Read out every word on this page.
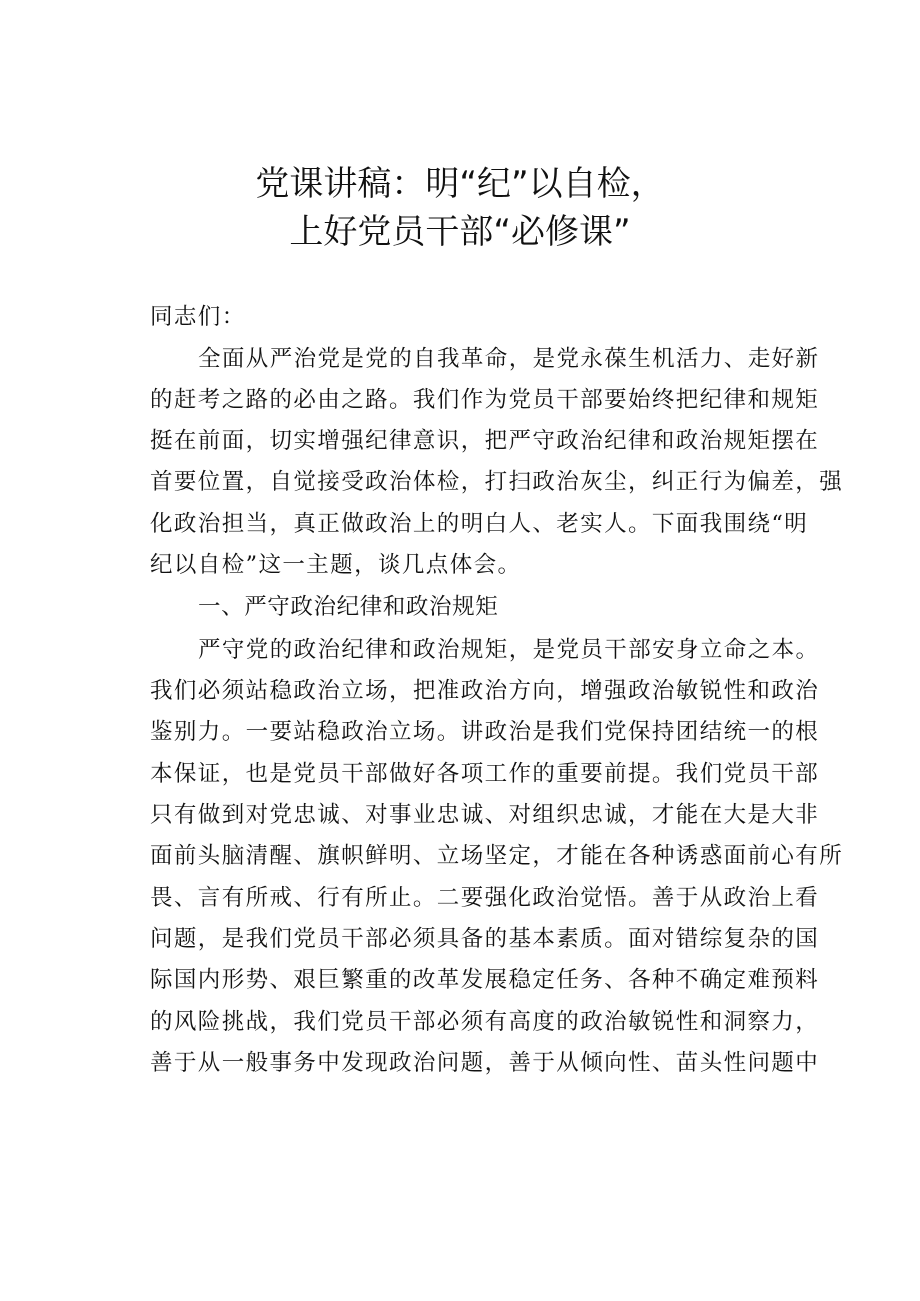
党课讲稿：明“纪”以自检，
上好党员干部“必修课”

同志们：

全面从严治党是党的自我革命，是党永葆生机活力、走好新

的赶考之路的必由之路。我们作为党员干部要始终把纪律和规矩

挺在前面，切实增强纪律意识，把严守政治纪律和政治规矩摆在

首要位置，自觉接受政治体检，打扫政治灰尘，纠正行为偏差，强

化政治担当，真正做政治上的明白人、老实人。下面我围绕“明

纪以自检”这一主题，谈几点体会。

一、严守政治纪律和政治规矩

严守党的政治纪律和政治规矩，是党员干部安身立命之本。

我们必须站稳政治立场，把准政治方向，增强政治敏锐性和政治

鉴别力。一要站稳政治立场。讲政治是我们党保持团结统一的根

本保证，也是党员干部做好各项工作的重要前提。我们党员干部

只有做到对党忠诚、对事业忠诚、对组织忠诚，才能在大是大非

面前头脑清醒、旗帜鲜明、立场坚定，才能在各种诱惑面前心有所

畏、言有所戒、行有所止。二要强化政治觉悟。善于从政治上看

问题，是我们党员干部必须具备的基本素质。面对错综复杂的国

际国内形势、艰巨繁重的改革发展稳定任务、各种不确定难预料

的风险挑战，我们党员干部必须有高度的政治敏锐性和洞察力，

善于从一般事务中发现政治问题，善于从倾向性、苗头性问题中
